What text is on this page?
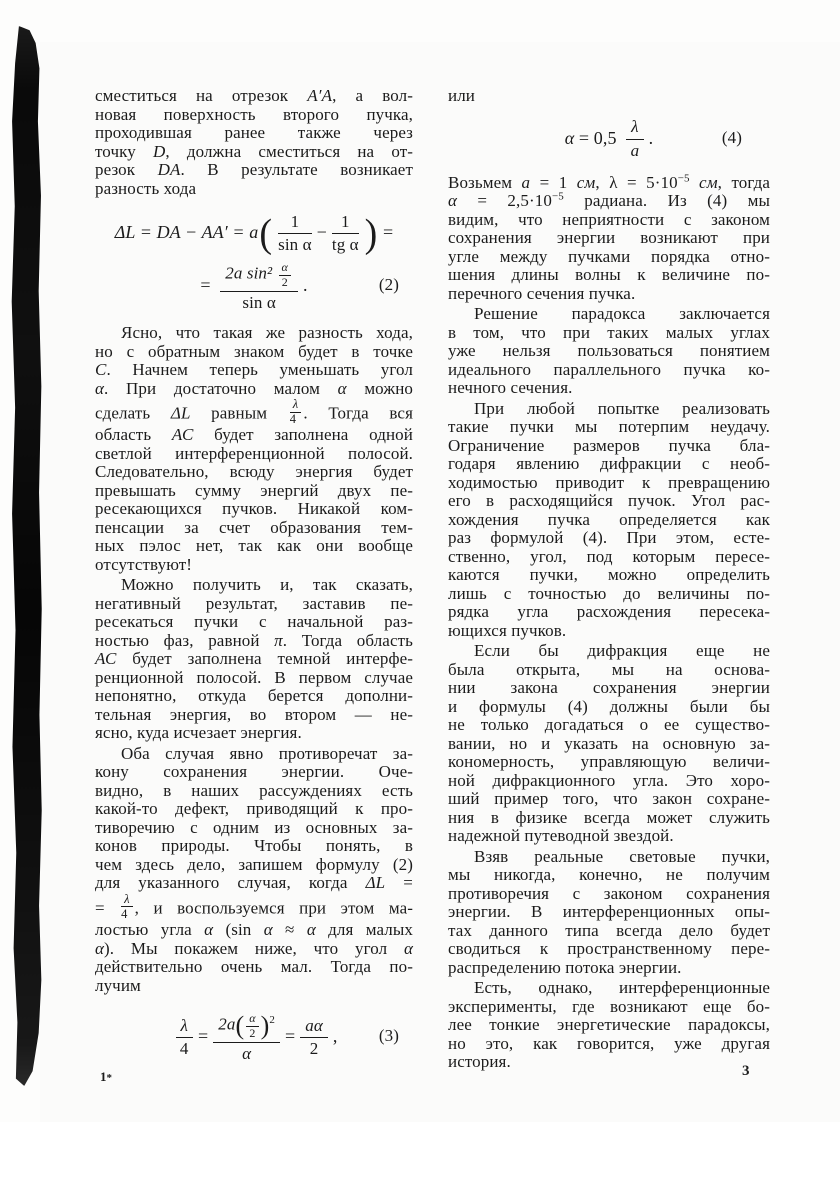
сместиться на отрезок A′A, а вол-
новая поверхность второго пучка,
проходившая ранее также через
точку D, должна сместиться на от-
резок DA. В результате возникает
разность хода
ΔL = DA − $AA' = a( \frac{1}{\text{sin α}} - \frac{1}{\text{tg α}}$ ) =
= $\frac{2a \sin^2 \frac{\alpha}{2}}{\text{sin α}}$ .	(2)
Ясно, что такая же разность хода,
но с обратным знаком будет в точке
С. Начнем теперь уменьшать угол
α. При достаточно малом α можно
сделать ΔL равным $\frac{\lambda}{4}$ . Тогда вся
область АС будет заполнена одной
светлой интерференционной полосой.
Следовательно, всюду энергия будет
превышать сумму энергий двух пе-
ресекающихся пучков. Никакой ком-
пенсации за счет образования тем-
ных пэлос нет, так как они вообще
отсутствуют!
Можно получить и, так сказать,
негативный результат, заставив пе-
ресекаться пучки с начальной раз-
ностью фаз, равной π. Тогда область
АС будет заполнена темной интерфе-
ренционной полосой. В первом случае
непонятно, откуда берется дополни-
тельная энергия, во втором — не-
ясно, куда исчезает энергия.
Оба случая явно противоречат за-
кону сохранения энергии. Оче-
видно, в наших рассуждениях есть
какой-то дефект, приводящий к про-
тиворечию с одним из основных за-
конов природы. Чтобы понять, в
чем здесь дело, запишем формулу (2)
для указанного случая, когда ΔL =
= $\frac{\lambda}{4}$ , и воспользуемся при этом ма-
лостью угла α (sin α ≈ α для малых
α). Мы покажем ниже, что угол α
действительно очень мал. Тогда по-
лучим
$\frac{\lambda}{4} = \frac{2a( \frac{\alpha}{2} )^2}{\alpha} = \frac{a\alpha}{2}$ , (3)
или
$\alpha = 0,5 \frac{\lambda}{a}$ .	(4)
Возьмем a = 1 см, $\lambda = 5\cdot 10^{-5}$ см, тогда
$\alpha = 2,5\cdot 10^{-5}$ радиана. Из (4) мы
видим, что неприятности с законом
сохранения энергии возникают при
угле между пучками порядка отно-
шения длины волны к величине по-
перечного сечения пучка.
Решение парадокса заключается
в том, что при таких малых углах
уже нельзя пользоваться понятием
идеального параллельного пучка ко-
нечного сечения.
При любой попытке реализовать
такие пучки мы потерпим неудачу.
Ограничение размеров пучка бла-
годаря явлению дифракции с необ-
ходимостью приводит к превращению
его в расходящийся пучок. Угол рас-
хождения пучка определяется как
раз формулой (4). При этом, есте-
ственно, угол, под которым пересе-
каются пучки, можно определить
лишь с точностью до величины по-
рядка угла расхождения пересека-
ющихся пучков.
Если бы дифракция еще не
была открыта, мы на основа-
нии закона сохранения энергии
и формулы (4) должны были бы
не только догадаться о ее существо-
вании, но и указать на основную за-
кономерность, управляющую величи-
ной дифракционного угла. Это хоро-
ший пример того, что закон сохране-
ния в физике всегда может служить
надежной путеводной звездой.
Взяв реальные световые пучки,
мы никогда, конечно, не получим
противоречия с законом сохранения
энергии. В интерференционных опы-
тах данного типа всегда дело будет
сводиться к пространственному пере-
распределению потока энергии.
Есть, однако, интерференционные
эксперименты, где возникают еще бо-
лее тонкие энергетические парадоксы,
но это, как говорится, уже другая
история.
1*	3
